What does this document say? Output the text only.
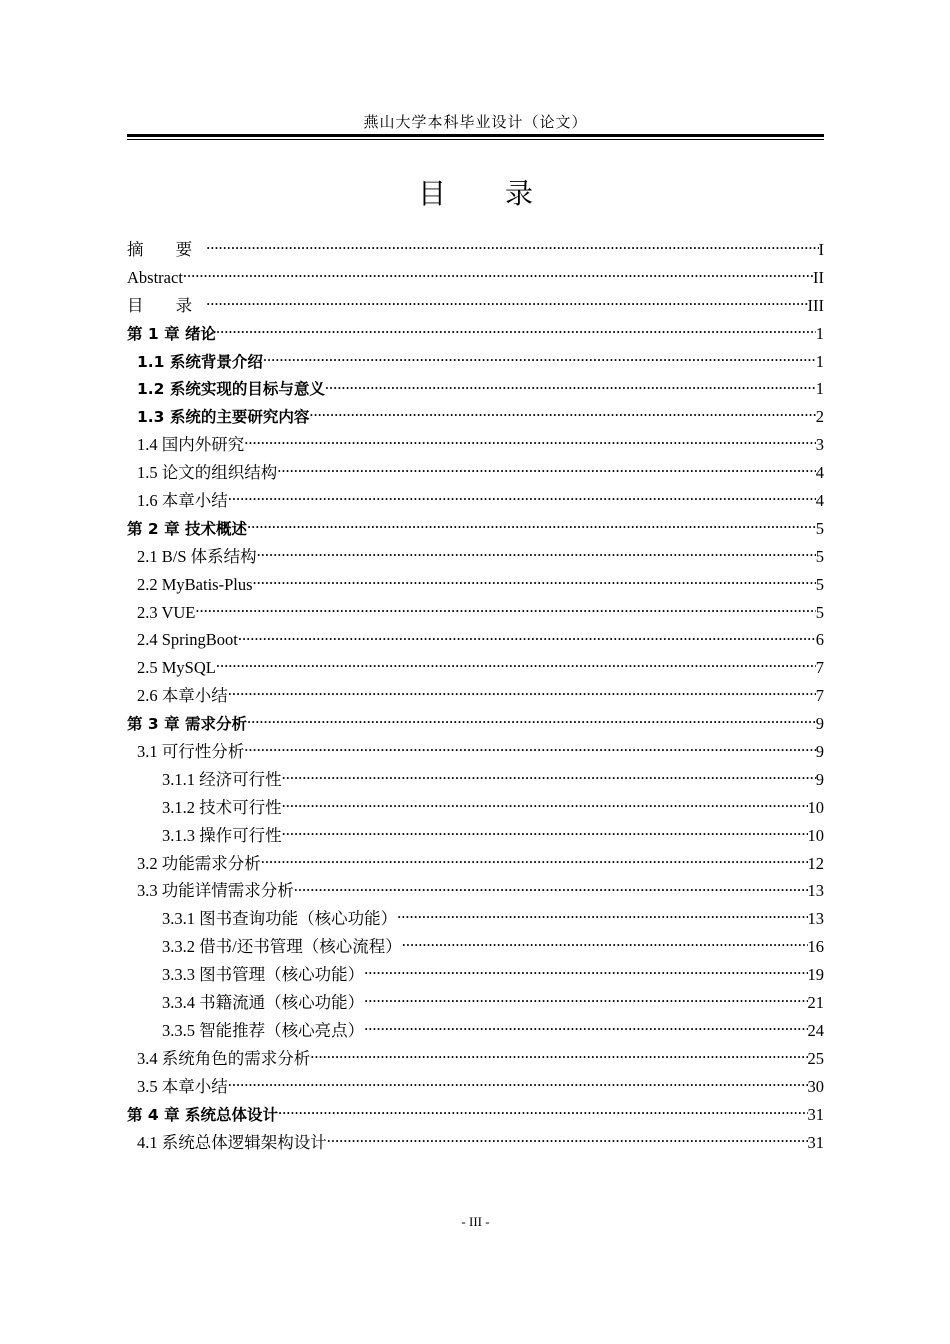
燕山大学本科毕业设计（论文）
目 录
摘 要 .....	I
Abstract .....	II
目 录 .....	III
第 1 章 绪论 .....	1
1.1 系统背景介绍 .....	1
1.2 系统实现的目标与意义 .....	1
1.3 系统的主要研究内容 .....	2
1.4 国内外研究 .....	3
1.5 论文的组织结构 .....	4
1.6 本章小结 .....	4
第 2 章 技术概述 .....	5
2.1 B/S 体系结构 .....	5
2.2 MyBatis-Plus .....	5
2.3 VUE .....	5
2.4 SpringBoot .....	6
2.5 MySQL .....	7
2.6 本章小结 .....	7
第 3 章 需求分析 .....	9
3.1 可行性分析 .....	9
3.1.1 经济可行性 .....	9
3.1.2 技术可行性 .....	10
3.1.3 操作可行性 .....	10
3.2 功能需求分析 .....	12
3.3 功能详情需求分析 .....	13
3.3.1 图书查询功能（核心功能） .....	13
3.3.2 借书/还书管理（核心流程） .....	16
3.3.3 图书管理（核心功能） .....	19
3.3.4 书籍流通（核心功能） .....	21
3.3.5 智能推荐（核心亮点） .....	24
3.4 系统角色的需求分析 .....	25
3.5 本章小结 .....	30
第 4 章 系统总体设计 .....	31
4.1 系统总体逻辑架构设计 .....	31
- III -
